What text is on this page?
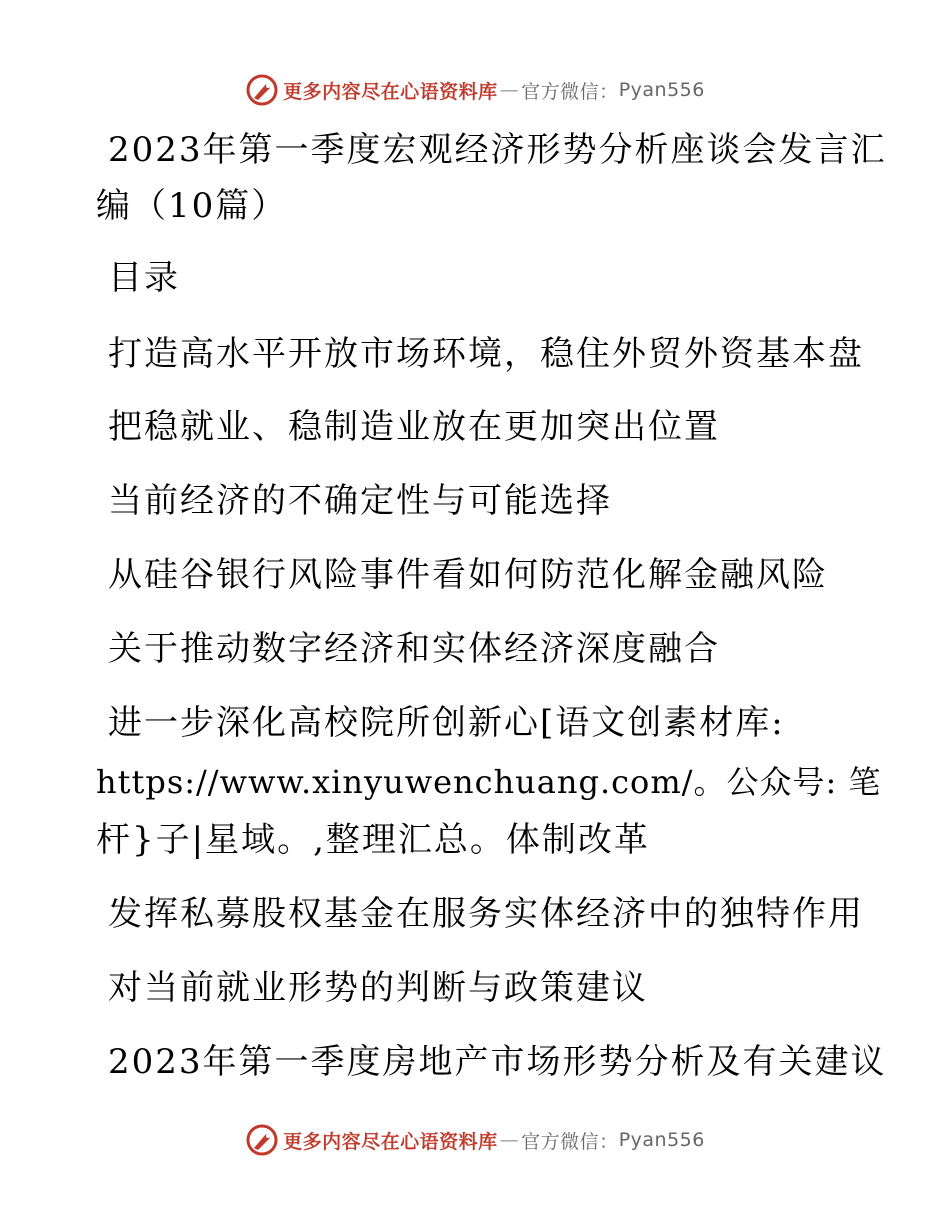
更多内容尽在心语资料库 — 官方微信： Pyan556
2023年第一季度宏观经济形势分析座谈会发言汇
编（10篇）
目录
打造高水平开放市场环境，稳住外贸外资基本盘
把稳就业、稳制造业放在更加突出位置
当前经济的不确定性与可能选择
从硅谷银行风险事件看如何防范化解金融风险
关于推动数字经济和实体经济深度融合
进一步深化高校院所创新心[语文创素材库:
https://www.xinyuwenchuang.com/。公众号: 笔
杆}子|星域。,整理汇总。体制改革
发挥私募股权基金在服务实体经济中的独特作用
对当前就业形势的判断与政策建议
2023年第一季度房地产市场形势分析及有关建议
更多内容尽在心语资料库 — 官方微信： Pyan556
